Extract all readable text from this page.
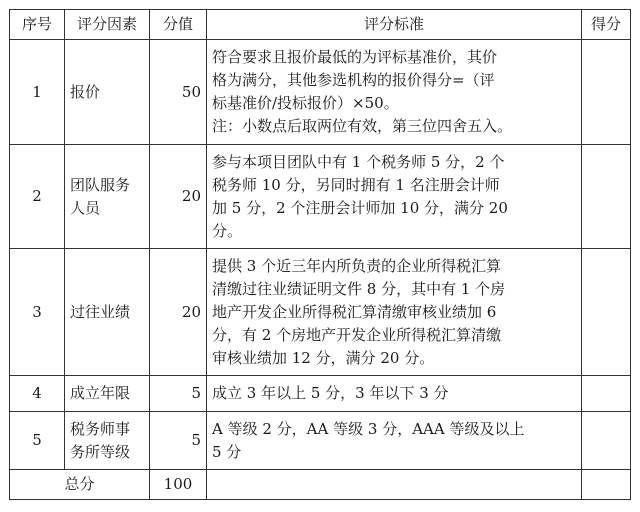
序号	评分因素	分值	评分标准	得分
1	报价	50	符合要求且报价最低的为评标基准价，其价
格为满分，其他参选机构的报价得分=（评
标基准价/投标报价）×50。
注：小数点后取两位有效，第三位四舍五入。	
2	团队服务人员	20	参与本项目团队中有 1 个税务师 5 分，2 个
税务师 10 分，另同时拥有 1 名注册会计师
加 5 分，2 个注册会计师加 10 分，满分 20
分。	
3	过往业绩	20	提供 3 个近三年内所负责的企业所得税汇算
清缴过往业绩证明文件 8 分，其中有 1 个房
地产开发企业所得税汇算清缴审核业绩加 6
分，有 2 个房地产开发企业所得税汇算清缴
审核业绩加 12 分，满分 20 分。	
4	成立年限	5	成立 3 年以上 5 分，3 年以下 3 分	
5	税务师事务所等级	5	A 等级 2 分，AA 等级 3 分，AAA 等级及以上
5 分	
总分		100		
